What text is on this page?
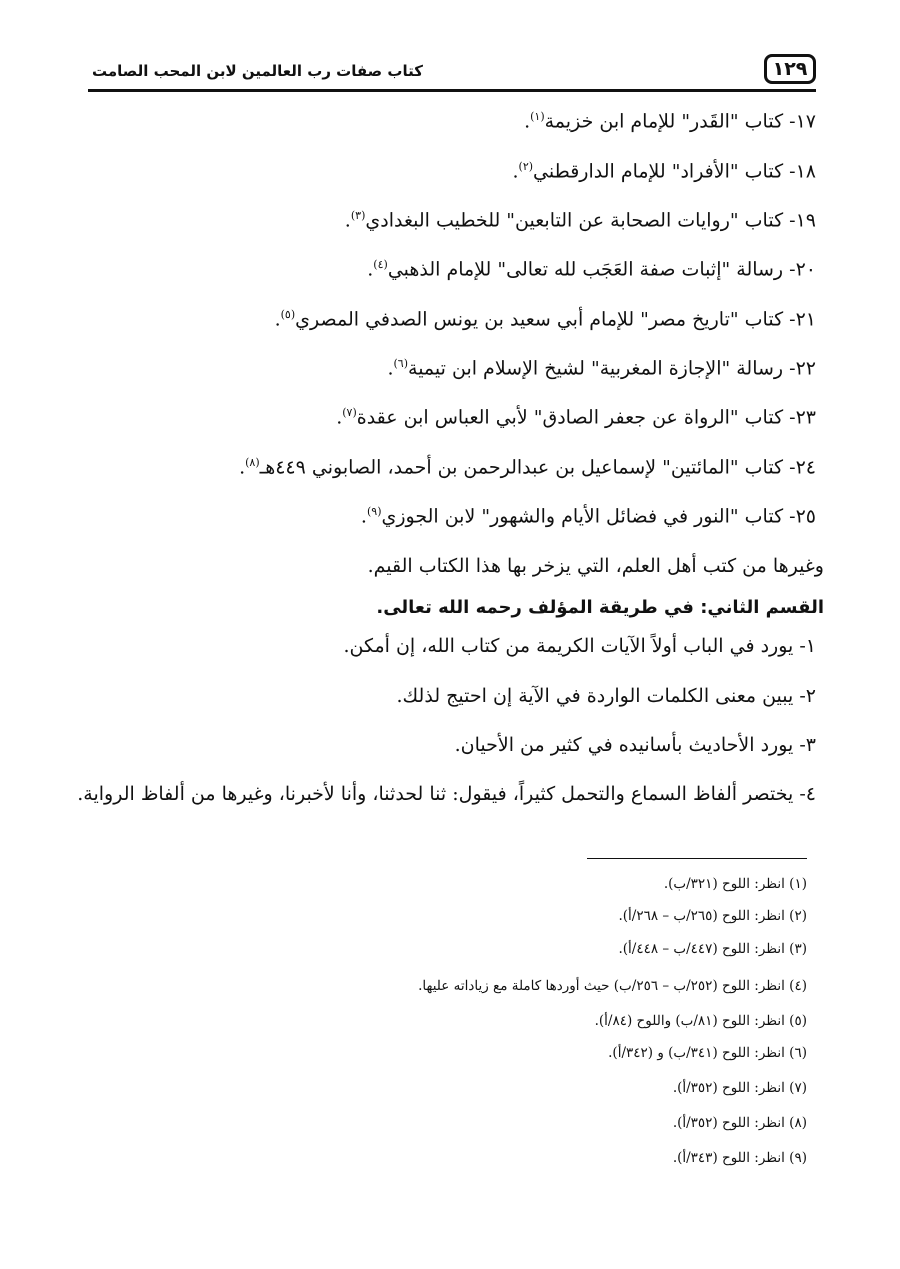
١٢٩
كتاب صفات رب العالمين لابن المحب الصامت
١٧- كتاب "القَدر" للإمام ابن خزيمة$^{(١)}$.
١٨- كتاب "الأفراد" للإمام الدارقطني$^{(٢)}$.
١٩- كتاب "روايات الصحابة عن التابعين" للخطيب البغدادي$^{(٣)}$.
٢٠- رسالة "إثبات صفة العَجَب لله تعالى" للإمام الذهبي$^{(٤)}$.
٢١- كتاب "تاريخ مصر" للإمام أبي سعيد بن يونس الصدفي المصري$^{(٥)}$.
٢٢- رسالة "الإجازة المغربية" لشيخ الإسلام ابن تيمية$^{(٦)}$.
٢٣- كتاب "الرواة عن جعفر الصادق" لأبي العباس ابن عقدة$^{(٧)}$.
٢٤- كتاب "المائتين" لإسماعيل بن عبدالرحمن بن أحمد، الصابوني ٤٤٩هـ$^{(٨)}$.
٢٥- كتاب "النور في فضائل الأيام والشهور" لابن الجوزي$^{(٩)}$.
وغيرها من كتب أهل العلم، التي يزخر بها هذا الكتاب القيم.
القسم الثاني: في طريقة المؤلف رحمه الله تعالى.
١- يورد في الباب أولاً الآيات الكريمة من كتاب الله، إن أمكن.
٢- يبين معنى الكلمات الواردة في الآية إن احتيج لذلك.
٣- يورد الأحاديث بأسانيده في كثير من الأحيان.
٤- يختصر ألفاظ السماع والتحمل كثيراً، فيقول: ثنا لحدثنا، وأنا لأخبرنا، وغيرها من ألفاظ الرواية.
(١) انظر: اللوح (٣٢١/ب).
(٢) انظر: اللوح (٢٦٥/ب – ٢٦٨/أ).
(٣) انظر: اللوح (٤٤٧/ب – ٤٤٨/أ).
(٤) انظر: اللوح (٢٥٢/ب – ٢٥٦/ب) حيث أوردها كاملة مع زياداته عليها.
(٥) انظر: اللوح (٨١/ب) واللوح (٨٤/أ).
(٦) انظر: اللوح (٣٤١/ب) و (٣٤٢/أ).
(٧) انظر: اللوح (٣٥٢/أ).
(٨) انظر: اللوح (٣٥٢/أ).
(٩) انظر: اللوح (٣٤٣/أ).
